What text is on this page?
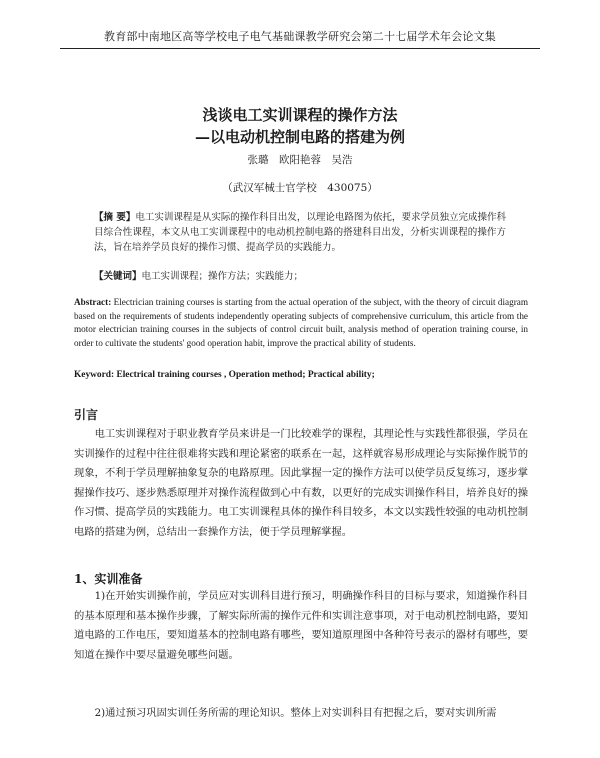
教育部中南地区高等学校电子电气基础课教学研究会第二十七届学术年会论文集
浅谈电工实训课程的操作方法
—以电动机控制电路的搭建为例
张璐　欧阳艳蓉　吴浩
（武汉军械士官学校　430075）
【摘 要】电工实训课程是从实际的操作科目出发，以理论电路图为依托，要求学员独立完成操作科目综合性课程，本文从电工实训课程中的电动机控制电路的搭建科目出发，分析实训课程的操作方法，旨在培养学员良好的操作习惯、提高学员的实践能力。
【关键词】电工实训课程；操作方法；实践能力；
Abstract: Electrician training courses is starting from the actual operation of the subject, with the theory of circuit diagram based on the requirements of students independently operating subjects of comprehensive curriculum, this article from the motor electrician training courses in the subjects of control circuit built, analysis method of operation training course, in order to cultivate the students' good operation habit, improve the practical ability of students.
Keyword: Electrical training courses , Operation method; Practical ability;
引言
电工实训课程对于职业教育学员来讲是一门比较难学的课程，其理论性与实践性都很强，学员在实训操作的过程中往往很难将实践和理论紧密的联系在一起，这样就容易形成理论与实际操作脱节的现象，不利于学员理解抽象复杂的电路原理。因此掌握一定的操作方法可以使学员反复练习，逐步掌握操作技巧、逐步熟悉原理并对操作流程做到心中有数，以更好的完成实训操作科目，培养良好的操作习惯、提高学员的实践能力。电工实训课程具体的操作科目较多，本文以实践性较强的电动机控制电路的搭建为例，总结出一套操作方法，便于学员理解掌握。
1、实训准备
1)在开始实训操作前，学员应对实训科目进行预习，明确操作科目的目标与要求，知道操作科目的基本原理和基本操作步骤，了解实际所需的操作元件和实训注意事项，对于电动机控制电路，要知道电路的工作电压，要知道基本的控制电路有哪些，要知道原理图中各种符号表示的器材有哪些，要知道在操作中要尽量避免哪些问题。
2)通过预习巩固实训任务所需的理论知识。整体上对实训科目有把握之后，要对实训所需
